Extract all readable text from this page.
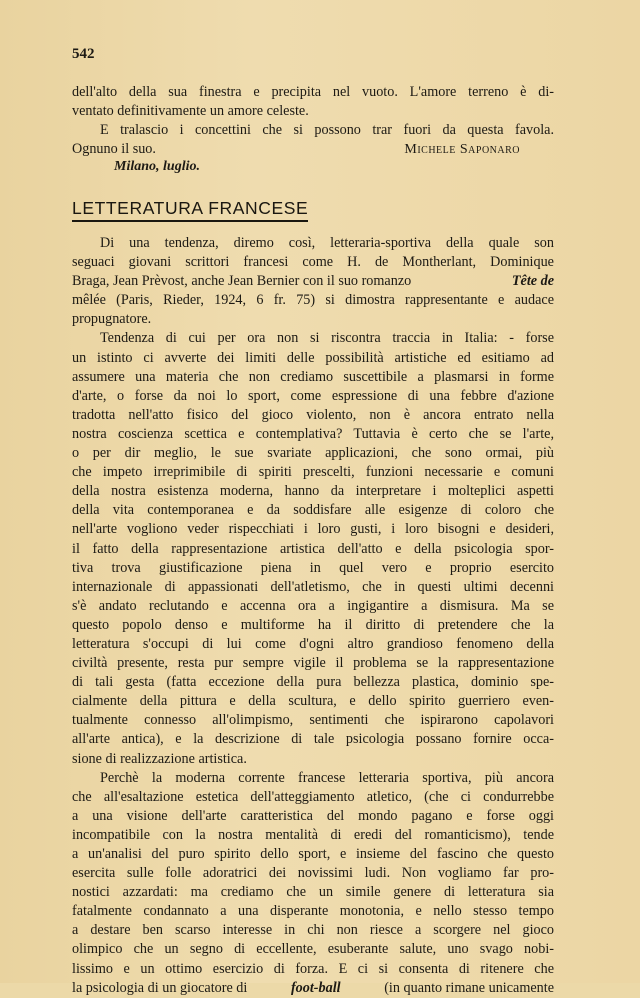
542
dell'alto della sua finestra e precipita nel vuoto. L'amore terreno è di-
ventato definitivamente un amore celeste.
E tralascio i concettini che si possono trar fuori da questa favola.
Ognuno il suo.	Michele Saponaro
Milano, luglio.
LETTERATURA FRANCESE
Di una tendenza, diremo così, letteraria-sportiva della quale son
seguaci giovani scrittori francesi come H. de Montherlant, Dominique
Braga, Jean Prèvost, anche Jean Bernier con il suo romanzo	Tête de
mêlée (Paris, Rieder, 1924, 6 fr. 75) si dimostra rappresentante e audace
propugnatore.
Tendenza di cui per ora non si riscontra traccia in Italia: - forse
un istinto ci avverte dei limiti delle possibilità artistiche ed esitiamo ad
assumere una materia che non crediamo suscettibile a plasmarsi in forme
d'arte, o forse da noi lo sport, come espressione di una febbre d'azione
tradotta nell'atto fisico del gioco violento, non è ancora entrato nella
nostra coscienza scettica e contemplativa? Tuttavia è certo che se l'arte,
o per dir meglio, le sue svariate applicazioni, che sono ormai, più
che impeto irreprimibile di spiriti prescelti, funzioni necessarie e comuni
della nostra esistenza moderna, hanno da interpretare i molteplici aspetti
della vita contemporanea e da soddisfare alle esigenze di coloro che
nell'arte vogliono veder rispecchiati i loro gusti, i loro bisogni e desideri,
il fatto della rappresentazione artistica dell'atto e della psicologia spor-
tiva trova giustificazione piena in quel vero e proprio esercito
internazionale di appassionati dell'atletismo, che in questi ultimi decenni
s'è andato reclutando e accenna ora a ingigantire a dismisura. Ma se
questo popolo denso e multiforme ha il diritto di pretendere che la
letteratura s'occupi di lui come d'ogni altro grandioso fenomeno della
civiltà presente, resta pur sempre vigile il problema se la rappresentazione
di tali gesta (fatta eccezione della pura bellezza plastica, dominio spe-
cialmente della pittura e della scultura, e dello spirito guerriero even-
tualmente connesso all'olimpismo, sentimenti che ispirarono capolavori
all'arte antica), e la descrizione di tale psicologia possano fornire occa-
sione di realizzazione artistica.
Perchè la moderna corrente francese letteraria sportiva, più ancora
che all'esaltazione estetica dell'atteggiamento atletico, (che ci condurrebbe
a una visione dell'arte caratteristica del mondo pagano e forse oggi
incompatibile con la nostra mentalità di eredi del romanticismo), tende
a un'analisi del puro spirito dello sport, e insieme del fascino che questo
esercita sulle folle adoratrici dei novissimi ludi. Non vogliamo far pro-
nostici azzardati: ma crediamo che un simile genere di letteratura sia
fatalmente condannato a una disperante monotonia, e nello stesso tempo
a destare ben scarso interesse in chi non riesce a scorgere nel gioco
olimpico che un segno di eccellente, esuberante salute, uno svago nobi-
lissimo e un ottimo esercizio di forza. E ci si consenta di ritenere che
la psicologia di un giocatore di	foot-ball	(in quanto rimane unicamente
